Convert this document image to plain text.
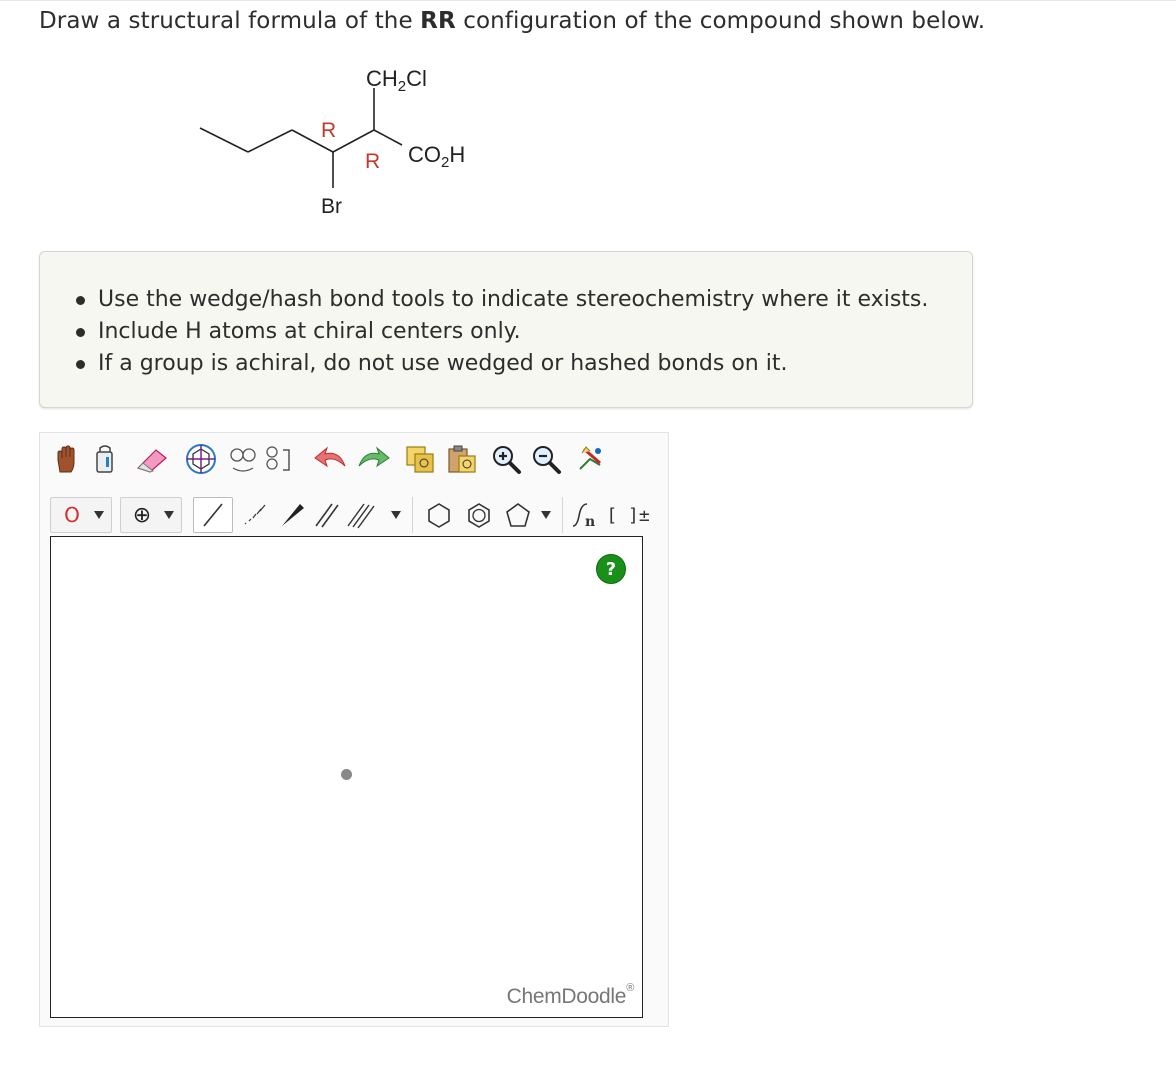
Draw a structural formula of the RR configuration of the compound shown below.
$CH_2Cl$
R
R $CO_2H$
Br
Use the wedge/hash bond tools to indicate stereochemistry where it exists.
Include H atoms at chiral centers only.
If a group is achiral, do not use wedged or hashed bonds on it.
O ⊕	n [ ]±
?
ChemDoodle®
